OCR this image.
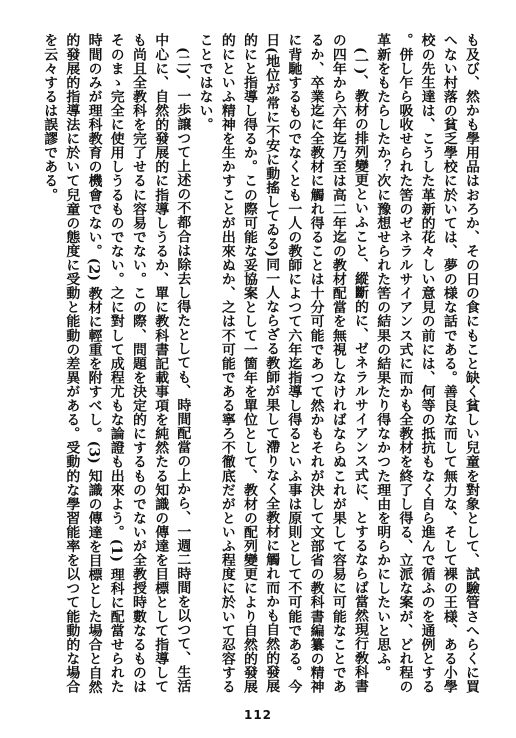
も及び、然かも學用品はおろか、その日の食にもこと缺く貧しい兒童を對象として、試驗管さへらくに買へない村落の貧乏學校に於いては、夢の様な話である。善良な而して無力な、そして裸の王様、ある小學校の先生達は、こうした革新的花々しい意見の前には、何等の抵抗もなく自ら進んで循ふのを通例とする。併し乍ら吸收せられた筈のゼネラルサイアンス式に而かも全教材を終了し得る、立派な案が、どれ程の革新をもたらしたか？次に豫想せられた筈の結果の結果たり得なかつた理由を明らかにしたいと思ふ。

(一)、教材の排列變更といふこと、縱斷的に、ゼネラルサイアンス式に、とするならば當然現行敎科書の四年から六年迄乃至は高二年迄の教材配當を無視しなければならぬこれが果して容易に可能なことであるか、卒業迄に全教材に觸れ得ることは十分可能であつて然かもそれが決して文部省の教科書編纂の精神に背馳するものでなくとも一人の教師によつて六年迄指導し得るといふ事は原則として不可能である。今日(地位が常に不安に動搖してゐる)同一人ならざる教師が果して滯りなく全教材に觸れ而かも自然的發展的にと指導し得るか。この際可能な妥協案として一箇年を單位として、教材の配列變更により自然的發展的にといふ精神を生かすことが出來ぬか、之は不可能である寧ろ不徹底だがといふ程度に於いて忍容することではない。

(二)、一歩譲つて上述の不都合は除去し得たとしても、時間配當の上から、一週二時間を以つて、生活中心に、自然的發展的に指導しうるか、單に教科書記載事項を純然たる知識の傳達を目標として指導しても尚且全教科を完了せるに容易でない。この際、問題を決定的にするものでないが全教授時數なるものはそのまゝ完全に使用しうるものでない。之に對して成程尤もな論證も出來よう。(1) 理科に配當せられた時間のみが理科教育の機會でない。(2) 教材に輕重を附すべし。(3) 知識の傳達を目標とした場合と自然的發展的指導法に於いて兒童の態度に受動と能動の差異がある。受動的な學習能率を以つて能動的な場合を云々するは誤謬である。

112
